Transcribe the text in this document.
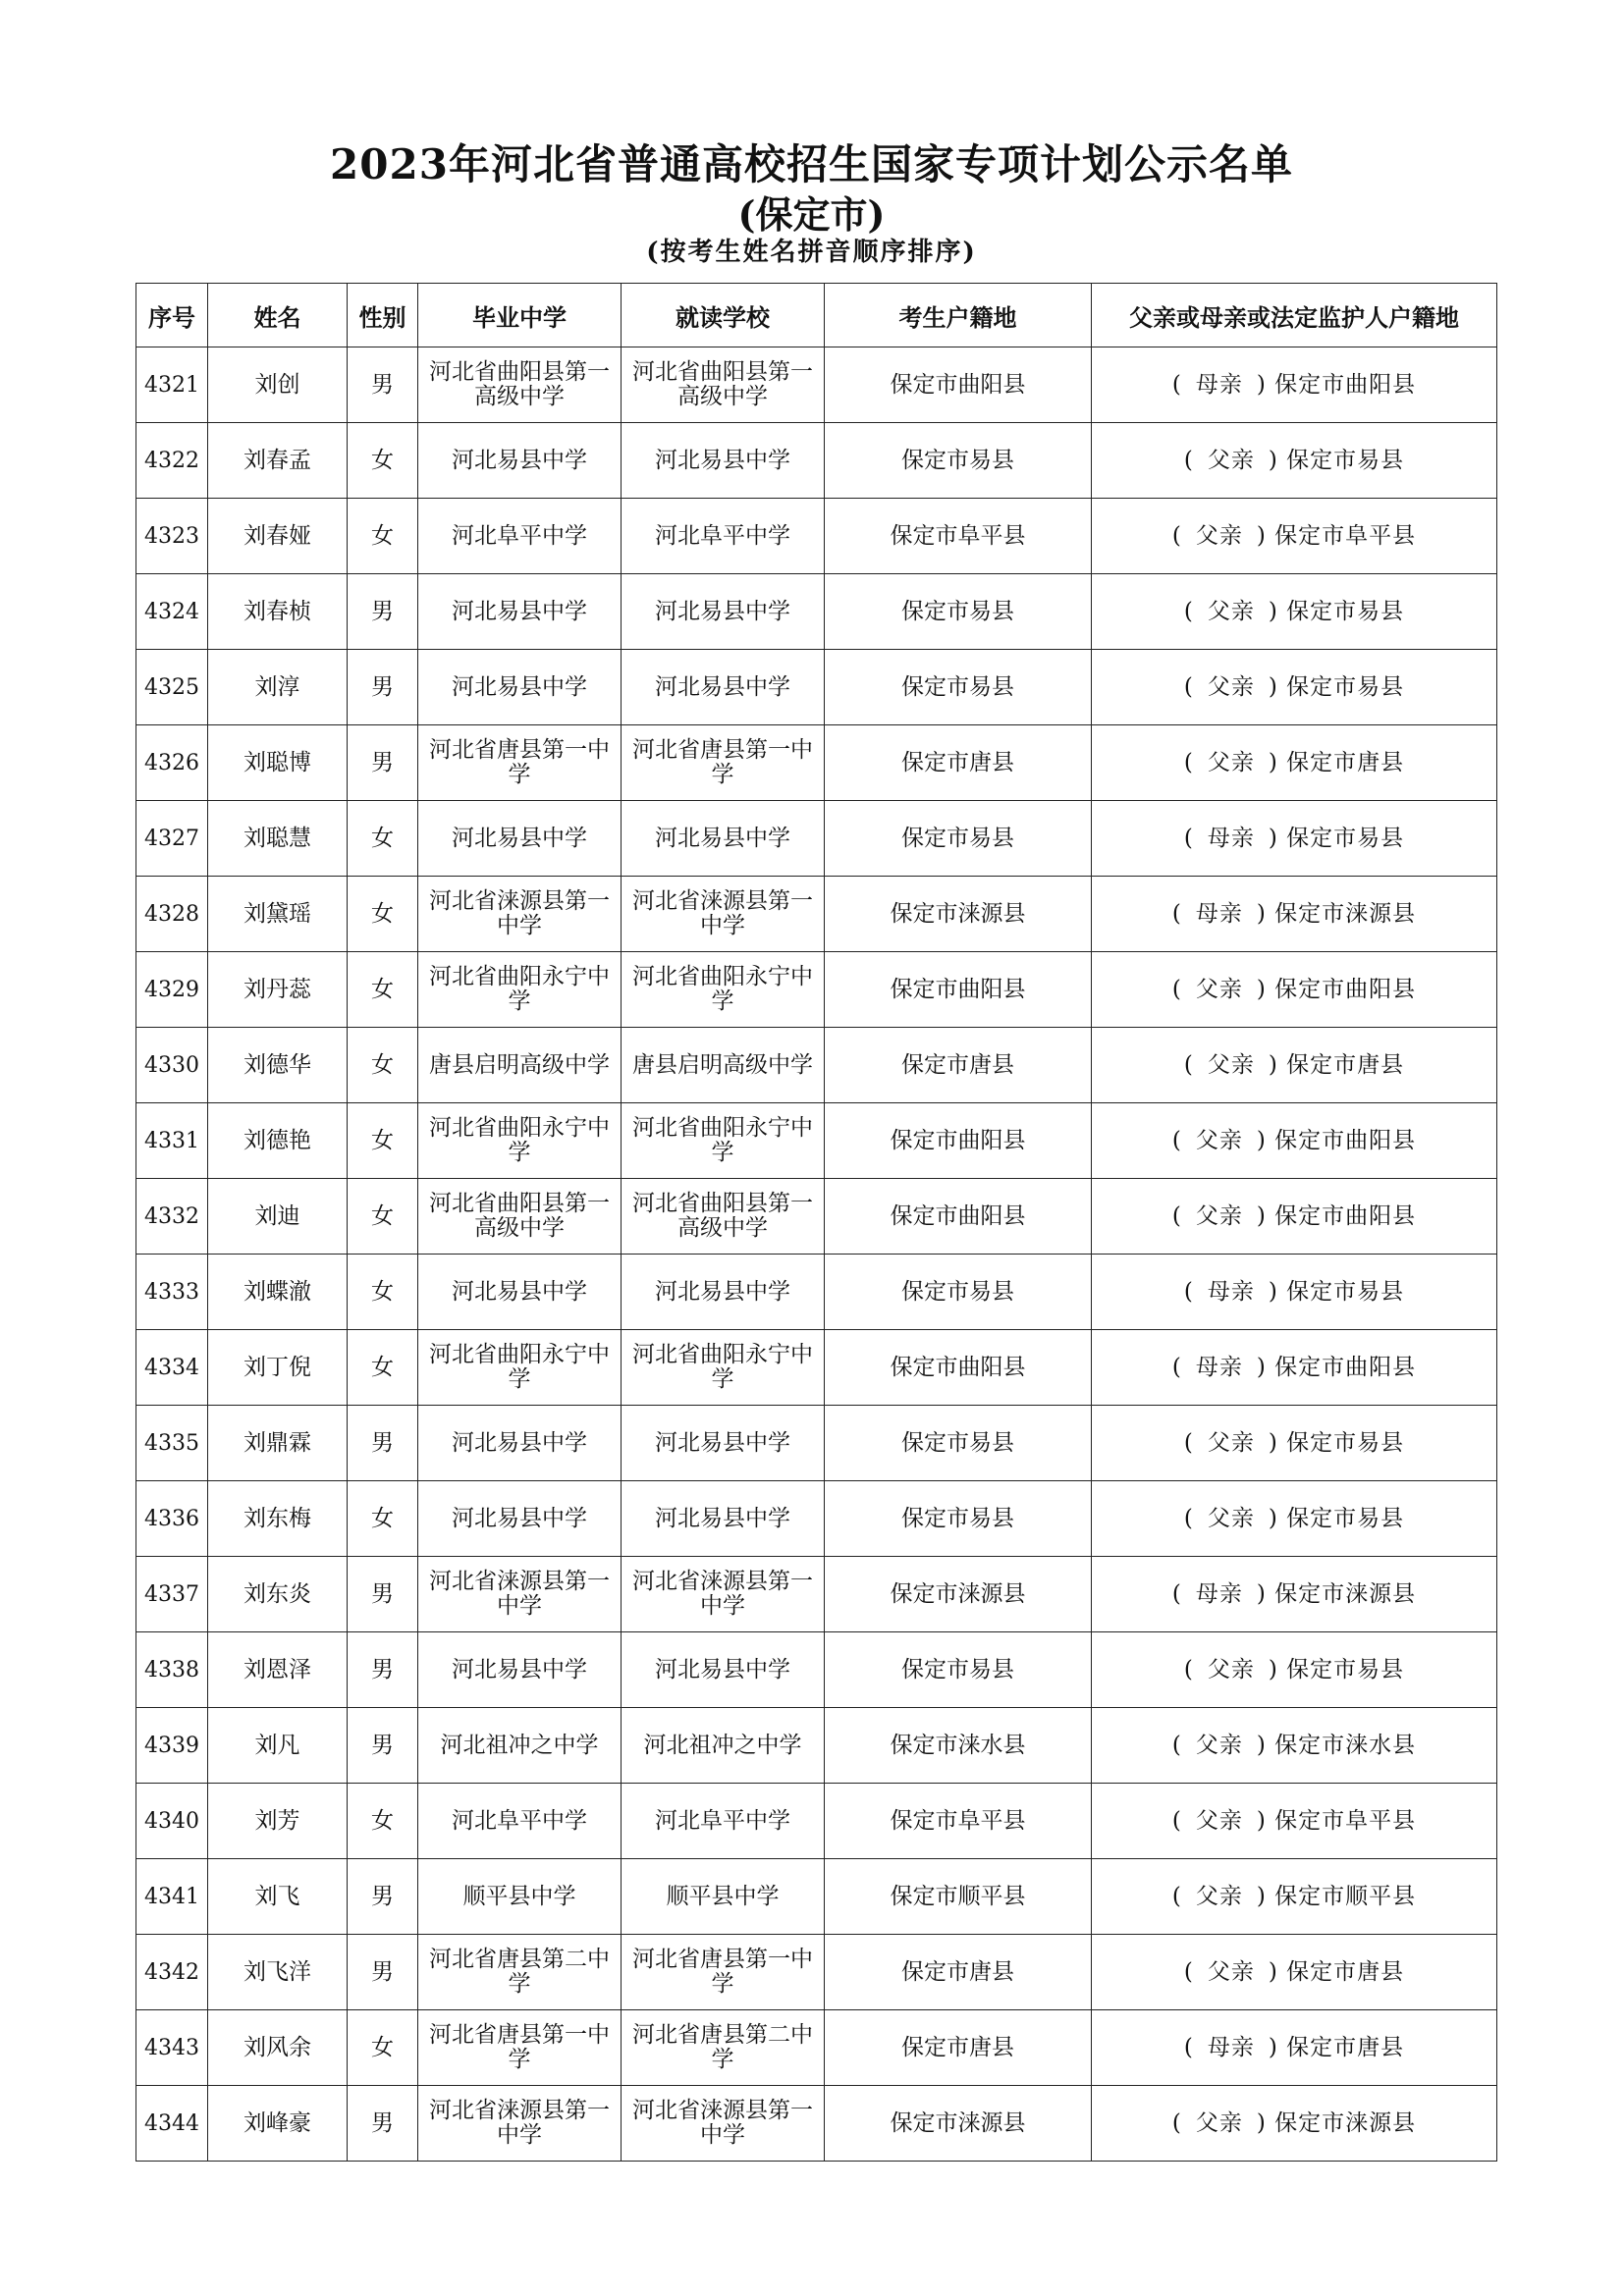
2023年河北省普通高校招生国家专项计划公示名单
(保定市)
(按考生姓名拼音顺序排序)
序号	姓名	性别	毕业中学	就读学校	考生户籍地	父亲或母亲或法定监护人户籍地
4321	刘创	男	河北省曲阳县第一高级中学	河北省曲阳县第一高级中学	保定市曲阳县	( 母亲 ) 保定市曲阳县
4322	刘春孟	女	河北易县中学	河北易县中学	保定市易县	( 父亲 ) 保定市易县
4323	刘春娅	女	河北阜平中学	河北阜平中学	保定市阜平县	( 父亲 ) 保定市阜平县
4324	刘春桢	男	河北易县中学	河北易县中学	保定市易县	( 父亲 ) 保定市易县
4325	刘淳	男	河北易县中学	河北易县中学	保定市易县	( 父亲 ) 保定市易县
4326	刘聪博	男	河北省唐县第一中学	河北省唐县第一中学	保定市唐县	( 父亲 ) 保定市唐县
4327	刘聪慧	女	河北易县中学	河北易县中学	保定市易县	( 母亲 ) 保定市易县
4328	刘黛瑶	女	河北省涞源县第一中学	河北省涞源县第一中学	保定市涞源县	( 母亲 ) 保定市涞源县
4329	刘丹蕊	女	河北省曲阳永宁中学	河北省曲阳永宁中学	保定市曲阳县	( 父亲 ) 保定市曲阳县
4330	刘德华	女	唐县启明高级中学	唐县启明高级中学	保定市唐县	( 父亲 ) 保定市唐县
4331	刘德艳	女	河北省曲阳永宁中学	河北省曲阳永宁中学	保定市曲阳县	( 父亲 ) 保定市曲阳县
4332	刘迪	女	河北省曲阳县第一高级中学	河北省曲阳县第一高级中学	保定市曲阳县	( 父亲 ) 保定市曲阳县
4333	刘蝶澈	女	河北易县中学	河北易县中学	保定市易县	( 母亲 ) 保定市易县
4334	刘丁倪	女	河北省曲阳永宁中学	河北省曲阳永宁中学	保定市曲阳县	( 母亲 ) 保定市曲阳县
4335	刘鼎霖	男	河北易县中学	河北易县中学	保定市易县	( 父亲 ) 保定市易县
4336	刘东梅	女	河北易县中学	河北易县中学	保定市易县	( 父亲 ) 保定市易县
4337	刘东炎	男	河北省涞源县第一中学	河北省涞源县第一中学	保定市涞源县	( 母亲 ) 保定市涞源县
4338	刘恩泽	男	河北易县中学	河北易县中学	保定市易县	( 父亲 ) 保定市易县
4339	刘凡	男	河北祖冲之中学	河北祖冲之中学	保定市涞水县	( 父亲 ) 保定市涞水县
4340	刘芳	女	河北阜平中学	河北阜平中学	保定市阜平县	( 父亲 ) 保定市阜平县
4341	刘飞	男	顺平县中学	顺平县中学	保定市顺平县	( 父亲 ) 保定市顺平县
4342	刘飞洋	男	河北省唐县第二中学	河北省唐县第一中学	保定市唐县	( 父亲 ) 保定市唐县
4343	刘风余	女	河北省唐县第一中学	河北省唐县第二中学	保定市唐县	( 母亲 ) 保定市唐县
4344	刘峰豪	男	河北省涞源县第一中学	河北省涞源县第一中学	保定市涞源县	( 父亲 ) 保定市涞源县
